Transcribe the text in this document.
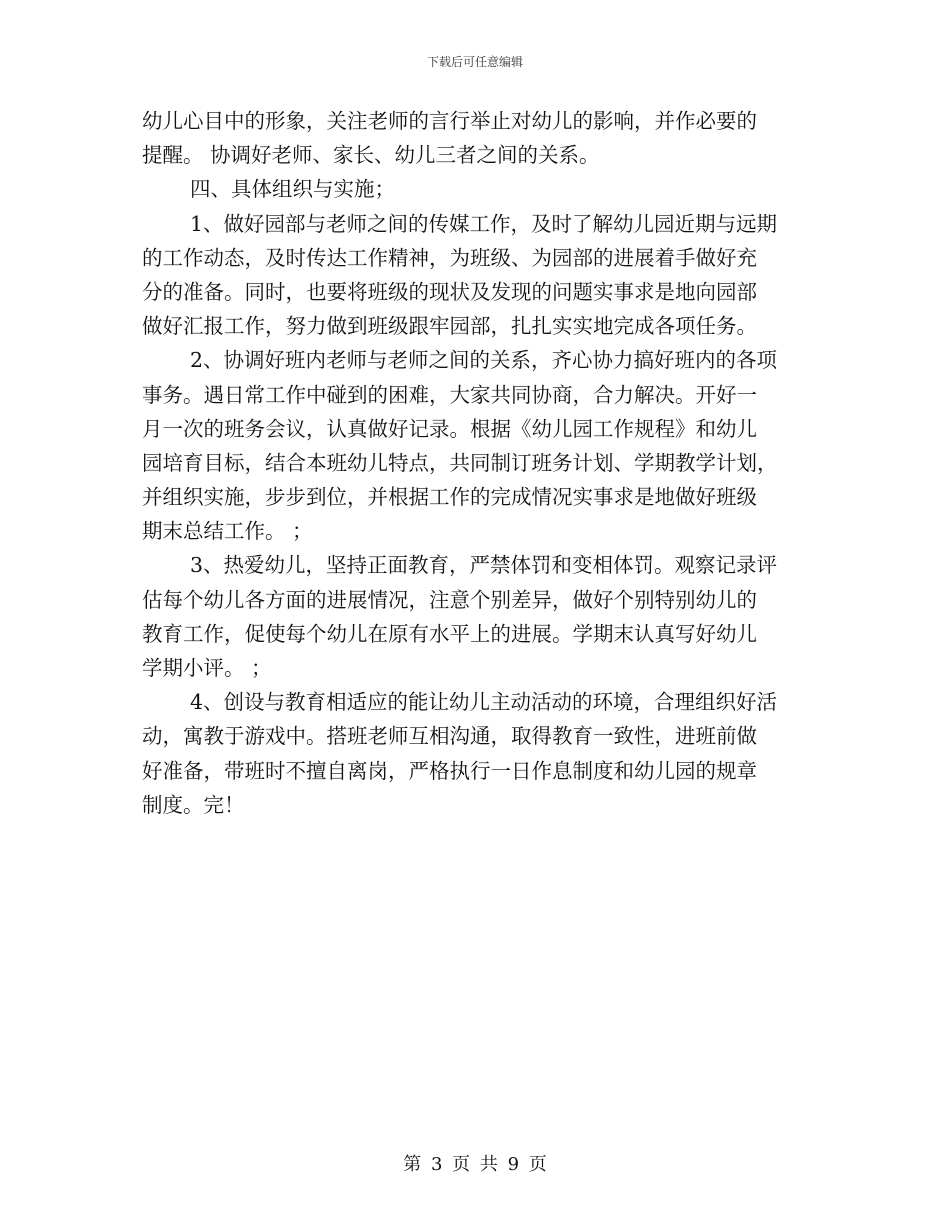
下载后可任意编辑
幼儿心目中的形象，关注老师的言行举止对幼儿的影响，并作必要的
提醒。 协调好老师、家长、幼儿三者之间的关系。
四、具体组织与实施；
1、做好园部与老师之间的传媒工作，及时了解幼儿园近期与远期
的工作动态，及时传达工作精神，为班级、为园部的进展着手做好充
分的准备。同时，也要将班级的现状及发现的问题实事求是地向园部
做好汇报工作，努力做到班级跟牢园部，扎扎实实地完成各项任务。
2、协调好班内老师与老师之间的关系，齐心协力搞好班内的各项
事务。遇日常工作中碰到的困难，大家共同协商，合力解决。开好一
月一次的班务会议，认真做好记录。根据《幼儿园工作规程》和幼儿
园培育目标，结合本班幼儿特点，共同制订班务计划、学期教学计划，
并组织实施，步步到位，并根据工作的完成情况实事求是地做好班级
期末总结工作。 ；
3、热爱幼儿，坚持正面教育，严禁体罚和变相体罚。观察记录评
估每个幼儿各方面的进展情况，注意个别差异，做好个别特别幼儿的
教育工作，促使每个幼儿在原有水平上的进展。学期末认真写好幼儿
学期小评。 ；
4、创设与教育相适应的能让幼儿主动活动的环境，合理组织好活
动，寓教于游戏中。搭班老师互相沟通，取得教育一致性，进班前做
好准备，带班时不擅自离岗，严格执行一日作息制度和幼儿园的规章
制度。完！
第 3 页 共 9 页
